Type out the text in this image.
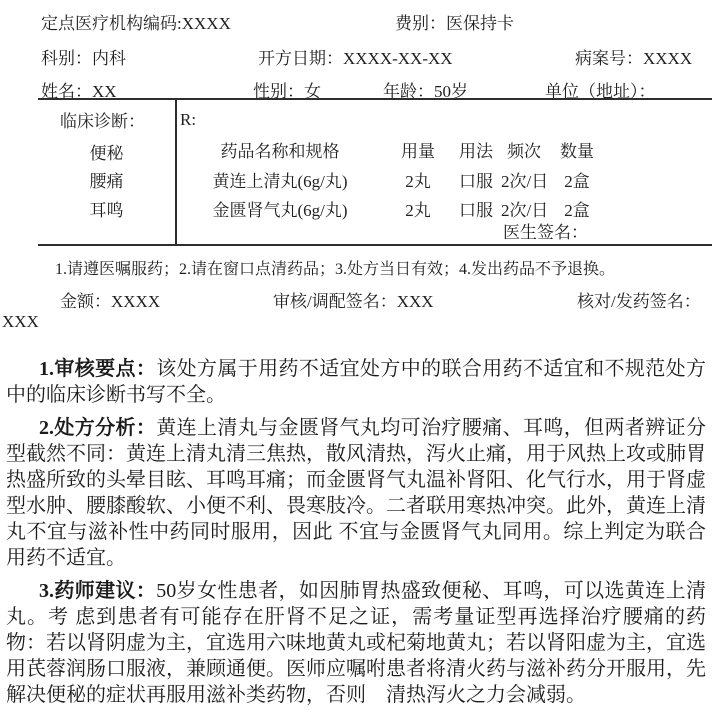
定点医疗机构编码:XXXX	费别：医保持卡
科别：内科	开方日期：XXXX-XX-XX	病案号：XXXX
姓名：XX	性别：女	年龄：50岁	单位（地址）：
临床诊断：
便秘
腰痛
耳鸣
R:
药品名称和规格	用量	用法 频次	数量
黄连上清丸(6g/丸)	2丸	口服 2次/日 2盒
金匮肾气丸(6g/丸)	2丸	口服 2次/日 2盒
医生签名：
1.请遵医嘱服药；2.请在窗口点清药品；3.处方当日有效；4.发出药品不予退换。
金额：XXXX	审核/调配签名：XXX	核对/发药签名：
XXX

1.审核要点：该处方属于用药不适宜处方中的联合用药不适宜和不规范处方中的临床诊断书写不全。

2.处方分析：黄连上清丸与金匮肾气丸均可治疗腰痛、耳鸣，但两者辨证分型截然不同：黄连上清丸清三焦热，散风清热，泻火止痛，用于风热上攻或肺胃热盛所致的头晕目眩、耳鸣耳痛；而金匮肾气丸温补肾阳、化气行水，用于肾虚型水肿、腰膝酸软、小便不利、畏寒肢冷。二者联用寒热冲突。此外，黄连上清丸不宜与滋补性中药同时服用，因此 不宜与金匮肾气丸同用。综上判定为联合用药不适宜。

3.药师建议：50岁女性患者，如因肺胃热盛致便秘、耳鸣，可以选黄连上清丸。考 虑到患者有可能存在肝肾不足之证，需考量证型再选择治疗腰痛的药物：若以肾阴虚为主，宜选用六味地黄丸或杞菊地黄丸；若以肾阳虚为主，宜选用芪蓉润肠口服液，兼顾通便。医师应嘱咐患者将清火药与滋补药分开服用，先解决便秘的症状再服用滋补类药物，否则　清热泻火之力会减弱。
